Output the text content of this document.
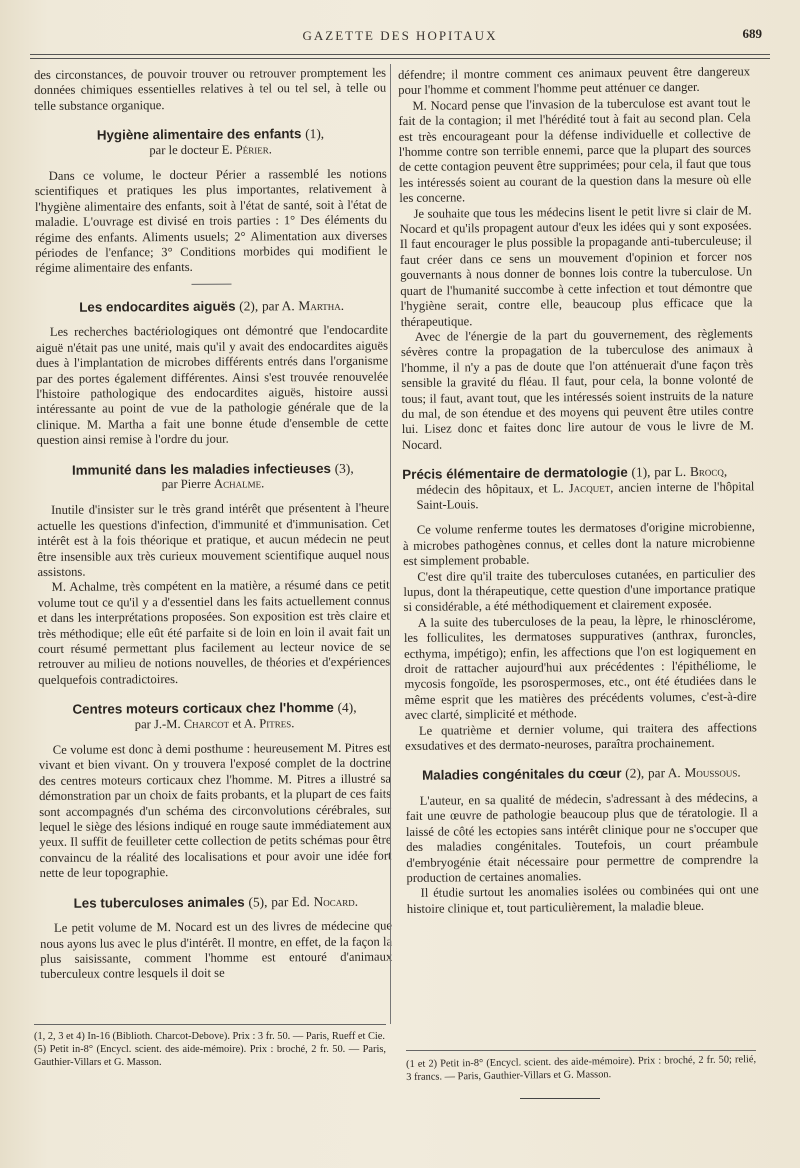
GAZETTE DES HOPITAUX	689

des circonstances, de pouvoir trouver ou retrouver promptement les données chimiques essentielles relatives à tel ou tel sel, à telle ou telle substance organique.

Hygiène alimentaire des enfants (1),
par le docteur E. Périer.

Dans ce volume, le docteur Périer a rassemblé les notions scientifiques et pratiques les plus importantes, relativement à l'hygiène alimentaire des enfants, soit à l'état de santé, soit à l'état de maladie. L'ouvrage est divisé en trois parties : 1° Des éléments du régime des enfants. Aliments usuels; 2° Alimentation aux diverses périodes de l'enfance; 3° Conditions morbides qui modifient le régime alimentaire des enfants.

Les endocardites aiguës (2), par A. Martha.

Les recherches bactériologiques ont démontré que l'endocardite aiguë n'était pas une unité, mais qu'il y avait des endocardites aiguës dues à l'implantation de microbes différents entrés dans l'organisme par des portes également différentes. Ainsi s'est trouvée renouvelée l'histoire pathologique des endocardites aiguës, histoire aussi intéressante au point de vue de la pathologie générale que de la clinique. M. Martha a fait une bonne étude d'ensemble de cette question ainsi remise à l'ordre du jour.

Immunité dans les maladies infectieuses (3),
par Pierre Achalme.

Inutile d'insister sur le très grand intérêt que présentent à l'heure actuelle les questions d'infection, d'immunité et d'immunisation. Cet intérêt est à la fois théorique et pratique, et aucun médecin ne peut être insensible aux très curieux mouvement scientifique auquel nous assistons.

M. Achalme, très compétent en la matière, a résumé dans ce petit volume tout ce qu'il y a d'essentiel dans les faits actuellement connus et dans les interprétations proposées. Son exposition est très claire et très méthodique; elle eût été parfaite si de loin en loin il avait fait un court résumé permettant plus facilement au lecteur novice de se retrouver au milieu de notions nouvelles, de théories et d'expériences quelquefois contradictoires.

Centres moteurs corticaux chez l'homme (4),
par J.-M. Charcot et A. Pitres.

Ce volume est donc à demi posthume : heureusement M. Pitres est vivant et bien vivant. On y trouvera l'exposé complet de la doctrine des centres moteurs corticaux chez l'homme. M. Pitres a illustré sa démonstration par un choix de faits probants, et la plupart de ces faits sont accompagnés d'un schéma des circonvolutions cérébrales, sur lequel le siège des lésions indiqué en rouge saute immédiatement aux yeux. Il suffit de feuilleter cette collection de petits schémas pour être convaincu de la réalité des localisations et pour avoir une idée fort nette de leur topographie.

Les tuberculoses animales (5), par Ed. Nocard.

Le petit volume de M. Nocard est un des livres de médecine que nous ayons lus avec le plus d'intérêt. Il montre, en effet, de la façon la plus saisissante, comment l'homme est entouré d'animaux tuberculeux contre lesquels il doit se

défendre; il montre comment ces animaux peuvent être dangereux pour l'homme et comment l'homme peut atténuer ce danger.

M. Nocard pense que l'invasion de la tuberculose est avant tout le fait de la contagion; il met l'hérédité tout à fait au second plan. Cela est très encourageant pour la défense individuelle et collective de l'homme contre son terrible ennemi, parce que la plupart des sources de cette contagion peuvent être supprimées; pour cela, il faut que tous les intéressés soient au courant de la question dans la mesure où elle les concerne.

Je souhaite que tous les médecins lisent le petit livre si clair de M. Nocard et qu'ils propagent autour d'eux les idées qui y sont exposées. Il faut encourager le plus possible la propagande anti-tuberculeuse; il faut créer dans ce sens un mouvement d'opinion et forcer nos gouvernants à nous donner de bonnes lois contre la tuberculose. Un quart de l'humanité succombe à cette infection et tout démontre que l'hygiène serait, contre elle, beaucoup plus efficace que la thérapeutique.

Avec de l'énergie de la part du gouvernement, des règlements sévères contre la propagation de la tuberculose des animaux à l'homme, il n'y a pas de doute que l'on atténuerait d'une façon très sensible la gravité du fléau. Il faut, pour cela, la bonne volonté de tous; il faut, avant tout, que les intéressés soient instruits de la nature du mal, de son étendue et des moyens qui peuvent être utiles contre lui. Lisez donc et faites donc lire autour de vous le livre de M. Nocard.

Précis élémentaire de dermatologie (1), par L. Brocq,
médecin des hôpitaux, et L. Jacquet, ancien interne de l'hôpital Saint-Louis.

Ce volume renferme toutes les dermatoses d'origine microbienne, à microbes pathogènes connus, et celles dont la nature microbienne est simplement probable.

C'est dire qu'il traite des tuberculoses cutanées, en particulier des lupus, dont la thérapeutique, cette question d'une importance pratique si considérable, a été méthodiquement et clairement exposée.

A la suite des tuberculoses de la peau, la lèpre, le rhinosclérome, les folliculites, les dermatoses suppuratives (anthrax, furoncles, ecthyma, impétigo); enfin, les affections que l'on est logiquement en droit de rattacher aujourd'hui aux précédentes : l'épithéliome, le mycosis fongoïde, les psorospermoses, etc., ont été étudiées dans le même esprit que les matières des précédents volumes, c'est-à-dire avec clarté, simplicité et méthode.

Le quatrième et dernier volume, qui traitera des affections exsudatives et des dermato-neuroses, paraîtra prochainement.

Maladies congénitales du cœur (2), par A. Moussous.

L'auteur, en sa qualité de médecin, s'adressant à des médecins, a fait une œuvre de pathologie beaucoup plus que de tératologie. Il a laissé de côté les ectopies sans intérêt clinique pour ne s'occuper que des maladies congénitales. Toutefois, un court préambule d'embryogénie était nécessaire pour permettre de comprendre la production de certaines anomalies.

Il étudie surtout les anomalies isolées ou combinées qui ont une histoire clinique et, tout particulièrement, la maladie bleue.

(1, 2, 3 et 4) In-16 (Biblioth. Charcot-Debove). Prix : 3 fr. 50. — Paris, Rueff et Cie.
(5) Petit in-8° (Encycl. scient. des aide-mémoire). Prix : broché, 2 fr. 50. — Paris, Gauthier-Villars et G. Masson.	(1 et 2) Petit in-8° (Encycl. scient. des aide-mémoire). Prix : broché, 2 fr. 50; relié, 3 francs. — Paris, Gauthier-Villars et G. Masson.
